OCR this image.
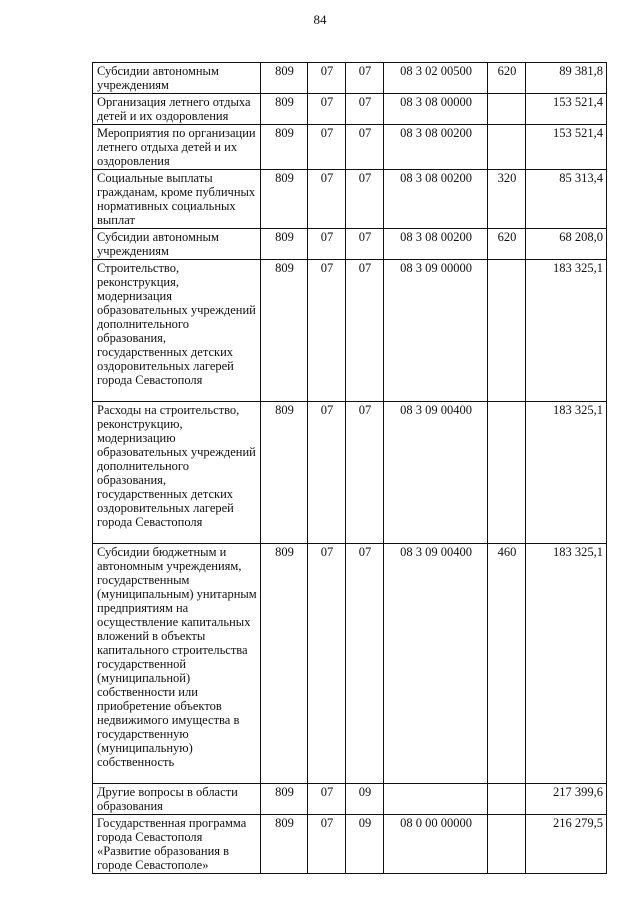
84
Субсидии автономным учреждениям	809	07	07	08 3 02 00500	620	89 381,8
Организация летнего отдыха детей и их оздоровления	809	07	07	08 3 08 00000		153 521,4
Мероприятия по организации летнего отдыха детей и их оздоровления	809	07	07	08 3 08 00200		153 521,4
Социальные выплаты гражданам, кроме публичных нормативных социальных выплат	809	07	07	08 3 08 00200	320	85 313,4
Субсидии автономным учреждениям	809	07	07	08 3 08 00200	620	68 208,0
Строительство, реконструкция, модернизация образовательных учреждений дополнительного образования, государственных детских оздоровительных лагерей города Севастополя	809	07	07	08 3 09 00000		183 325,1
Расходы на строительство, реконструкцию, модернизацию образовательных учреждений дополнительного образования, государственных детских оздоровительных лагерей города Севастополя	809	07	07	08 3 09 00400		183 325,1
Субсидии бюджетным и автономным учреждениям, государственным (муниципальным) унитарным предприятиям на осуществление капитальных вложений в объекты капитального строительства государственной (муниципальной) собственности или приобретение объектов недвижимого имущества в государственную (муниципальную) собственность	809	07	07	08 3 09 00400	460	183 325,1
Другие вопросы в области образования	809	07	09			217 399,6
Государственная программа города Севастополя «Развитие образования в городе Севастополе»	809	07	09	08 0 00 00000		216 279,5
